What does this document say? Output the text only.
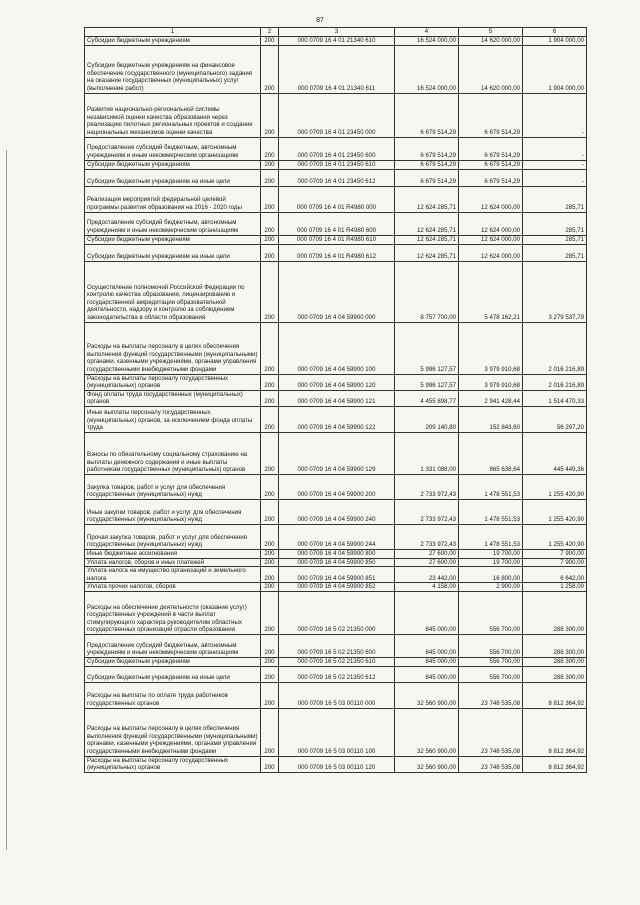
87
1	2	3	4	5	6
Субсидии бюджетным учреждениям	200	000 0709 16 4 01 21340 610	16 524 000,00	14 620 000,00	1 904 000,00
Субсидии бюджетным учреждениям на финансовое обеспечение государственного (муниципального) задания на оказание государственных (муниципальных) услуг (выполнение работ)	200	000 0709 16 4 01 21340 611	16 524 000,00	14 620 000,00	1 904 000,00
Развитие национально-региональной системы независимой оценки качества образования через реализацию пилотных региональных проектов и создание национальных механизмов оценки качества	200	000 0709 16 4 01 23450 000	6 679 514,29	6 679 514,29	-
Предоставление субсидий бюджетным, автономным учреждениям и иным некоммерческим организациям	200	000 0709 16 4 01 23450 600	6 679 514,29	6 679 514,29	-
Субсидии бюджетным учреждениям	200	000 0709 16 4 01 23450 610	6 679 514,29	6 679 514,29	-
Субсидии бюджетным учреждениям на иные цели	200	000 0709 16 4 01 23450 612	6 679 514,29	6 679 514,29	-
Реализация мероприятий федеральной целевой программы развития образования на 2016 - 2020 годы	200	000 0709 16 4 01 R4980 000	12 624 285,71	12 624 000,00	285,71
Предоставление субсидий бюджетным, автономным учреждениям и иным некоммерческим организациям	200	000 0709 16 4 01 R4980 600	12 624 285,71	12 624 000,00	285,71
Субсидии бюджетным учреждениям	200	000 0709 16 4 01 R4980 610	12 624 285,71	12 624 000,00	285,71
Субсидии бюджетным учреждениям на иные цели	200	000 0709 16 4 01 R4980 612	12 624 285,71	12 624 000,00	285,71
Осуществление полномочий Российской Федерации по контролю качества образования, лицензированию и государственной аккредитации образовательной деятельности, надзору и контролю за соблюдением законодательства в области образования	200	000 0709 16 4 04 59900 000	8 757 700,00	5 478 162,21	3 279 537,79
Расходы на выплаты персоналу в целях обеспечения выполнения функций государственными (муниципальными) органами, казенными учреждениями, органами управления государственными внебюджетными фондами	200	000 0709 16 4 04 59900 100	5 996 127,57	3 979 910,68	2 016 216,89
Расходы на выплаты персоналу государственных (муниципальных) органов	200	000 0709 16 4 04 59900 120	5 996 127,57	3 979 910,68	2 016 216,89
Фонд оплаты труда государственных (муниципальных) органов	200	000 0709 16 4 04 59900 121	4 455 898,77	2 941 428,44	1 514 470,33
Иные выплаты персоналу государственных (муниципальных) органов, за исключением фонда оплаты труда	200	000 0709 16 4 04 59900 122	209 140,80	152 843,60	56 297,20
Взносы по обязательному социальному страхованию на выплаты денежного содержания и иные выплаты работникам государственных (муниципальных) органов	200	000 0709 16 4 04 59900 129	1 331 088,00	865 638,64	445 449,36
Закупка товаров, работ и услуг для обеспечения государственных (муниципальных) нужд	200	000 0709 16 4 04 59900 200	2 733 972,43	1 478 551,53	1 255 420,90
Иные закупки товаров, работ и услуг для обеспечения государственных (муниципальных) нужд	200	000 0709 16 4 04 59900 240	2 733 972,43	1 478 551,53	1 255 420,90
Прочая закупка товаров, работ и услуг для обеспечения государственных (муниципальных) нужд	200	000 0709 16 4 04 59900 244	2 733 972,43	1 478 551,53	1 255 420,90
Иные бюджетные ассигнования	200	000 0709 16 4 04 59900 800	27 600,00	19 700,00	7 900,00
Уплата налогов, сборов и иных платежей	200	000 0709 16 4 04 59900 850	27 600,00	19 700,00	7 900,00
Уплата налога на имущество организаций и земельного налога	200	000 0709 16 4 04 59900 851	23 442,00	16 800,00	6 642,00
Уплата прочих налогов, сборов	200	000 0709 16 4 04 59900 852	4 158,00	2 900,00	1 258,00
Расходы на обеспечение деятельности (оказание услуг) государственных учреждений в части выплат стимулирующего характера руководителям областных государственных организаций отрасли образования	200	000 0709 16 5 02 21350 000	845 000,00	556 700,00	288 300,00
Предоставление субсидий бюджетным, автономным учреждениям и иным некоммерческим организациям	200	000 0709 16 5 02 21350 600	845 000,00	556 700,00	288 300,00
Субсидии бюджетным учреждениям	200	000 0709 16 5 02 21350 610	845 000,00	556 700,00	288 300,00
Субсидии бюджетным учреждениям на иные цели	200	000 0709 16 5 02 21350 612	845 000,00	556 700,00	288 300,00
Расходы на выплаты по оплате труда работников государственных органов	200	000 0709 16 5 03 00110 000	32 560 900,00	23 748 535,08	8 812 364,92
Расходы на выплаты персоналу в целях обеспечения выполнения функций государственными (муниципальными) органами, казенными учреждениями, органами управления государственными внебюджетными фондами	200	000 0709 16 5 03 00110 100	32 560 900,00	23 748 535,08	8 812 364,92
Расходы на выплаты персоналу государственных (муниципальных) органов	200	000 0709 16 5 03 00110 120	32 560 900,00	23 748 535,08	8 812 364,92
